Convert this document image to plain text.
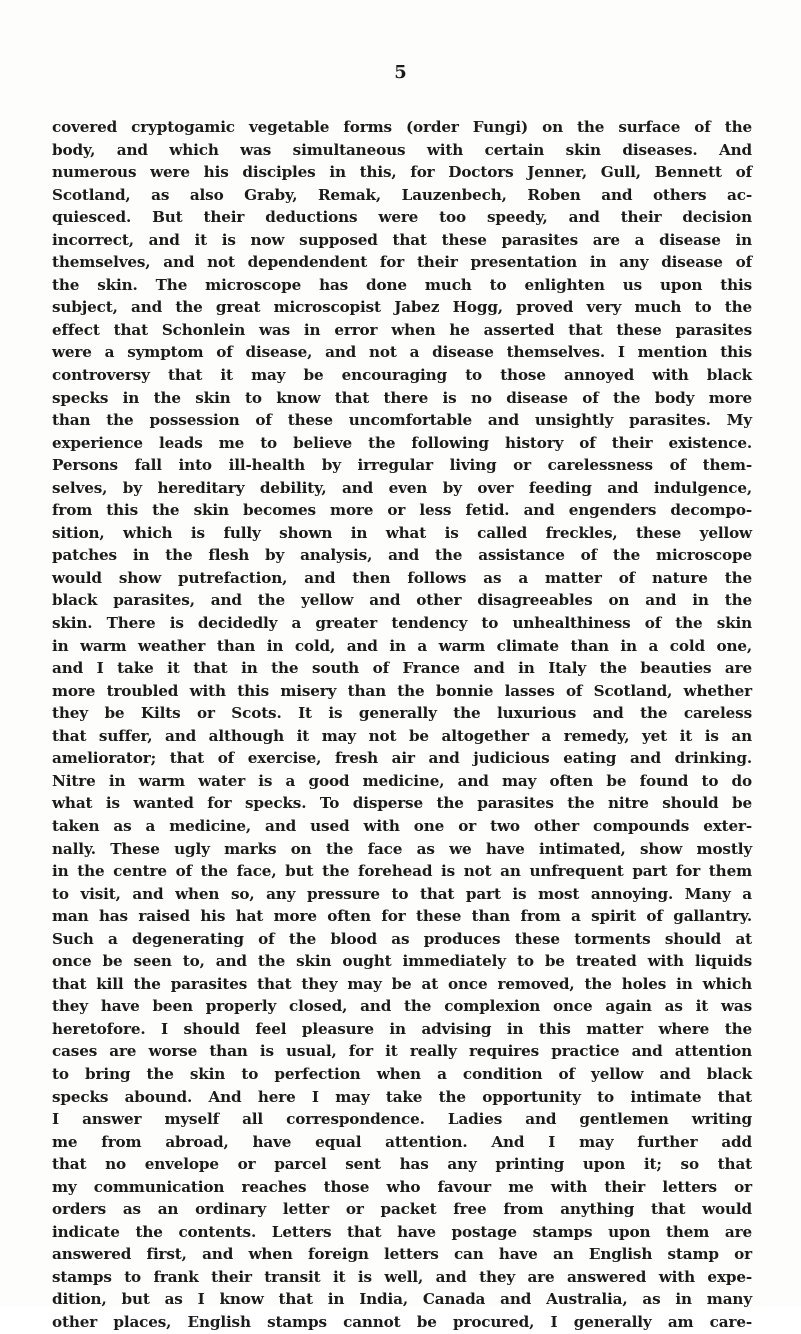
5
covered cryptogamic vegetable forms (order Fungi) on the surface of the
body, and which was simultaneous with certain skin diseases. And
numerous were his disciples in this, for Doctors Jenner, Gull, Bennett of
Scotland, as also Graby, Remak, Lauzenbech, Roben and others ac-
quiesced. But their deductions were too speedy, and their decision
incorrect, and it is now supposed that these parasites are a disease in
themselves, and not dependendent for their presentation in any disease of
the skin. The microscope has done much to enlighten us upon this
subject, and the great microscopist Jabez Hogg, proved very much to the
effect that Schonlein was in error when he asserted that these parasites
were a symptom of disease, and not a disease themselves. I mention this
controversy that it may be encouraging to those annoyed with black
specks in the skin to know that there is no disease of the body more
than the possession of these uncomfortable and unsightly parasites. My
experience leads me to believe the following history of their existence.
Persons fall into ill-health by irregular living or carelessness of them-
selves, by hereditary debility, and even by over feeding and indulgence,
from this the skin becomes more or less fetid. and engenders decompo-
sition, which is fully shown in what is called freckles, these yellow
patches in the flesh by analysis, and the assistance of the microscope
would show putrefaction, and then follows as a matter of nature the
black parasites, and the yellow and other disagreeables on and in the
skin. There is decidedly a greater tendency to unhealthiness of the skin
in warm weather than in cold, and in a warm climate than in a cold one,
and I take it that in the south of France and in Italy the beauties are
more troubled with this misery than the bonnie lasses of Scotland, whether
they be Kilts or Scots. It is generally the luxurious and the careless
that suffer, and although it may not be altogether a remedy, yet it is an
ameliorator; that of exercise, fresh air and judicious eating and drinking.
Nitre in warm water is a good medicine, and may often be found to do
what is wanted for specks. To disperse the parasites the nitre should be
taken as a medicine, and used with one or two other compounds exter-
nally. These ugly marks on the face as we have intimated, show mostly
in the centre of the face, but the forehead is not an unfrequent part for them
to visit, and when so, any pressure to that part is most annoying. Many a
man has raised his hat more often for these than from a spirit of gallantry.
Such a degenerating of the blood as produces these torments should at
once be seen to, and the skin ought immediately to be treated with liquids
that kill the parasites that they may be at once removed, the holes in which
they have been properly closed, and the complexion once again as it was
heretofore. I should feel pleasure in advising in this matter where the
cases are worse than is usual, for it really requires practice and attention
to bring the skin to perfection when a condition of yellow and black
specks abound. And here I may take the opportunity to intimate that
I answer myself all correspondence. Ladies and gentlemen writing
me from abroad, have equal attention. And I may further add
that no envelope or parcel sent has any printing upon it; so that
my communication reaches those who favour me with their letters or
orders as an ordinary letter or packet free from anything that would
indicate the contents. Letters that have postage stamps upon them are
answered first, and when foreign letters can have an English stamp or
stamps to frank their transit it is well, and they are answered with expe-
dition, but as I know that in India, Canada and Australia, as in many
other places, English stamps cannot be procured, I generally am care-
